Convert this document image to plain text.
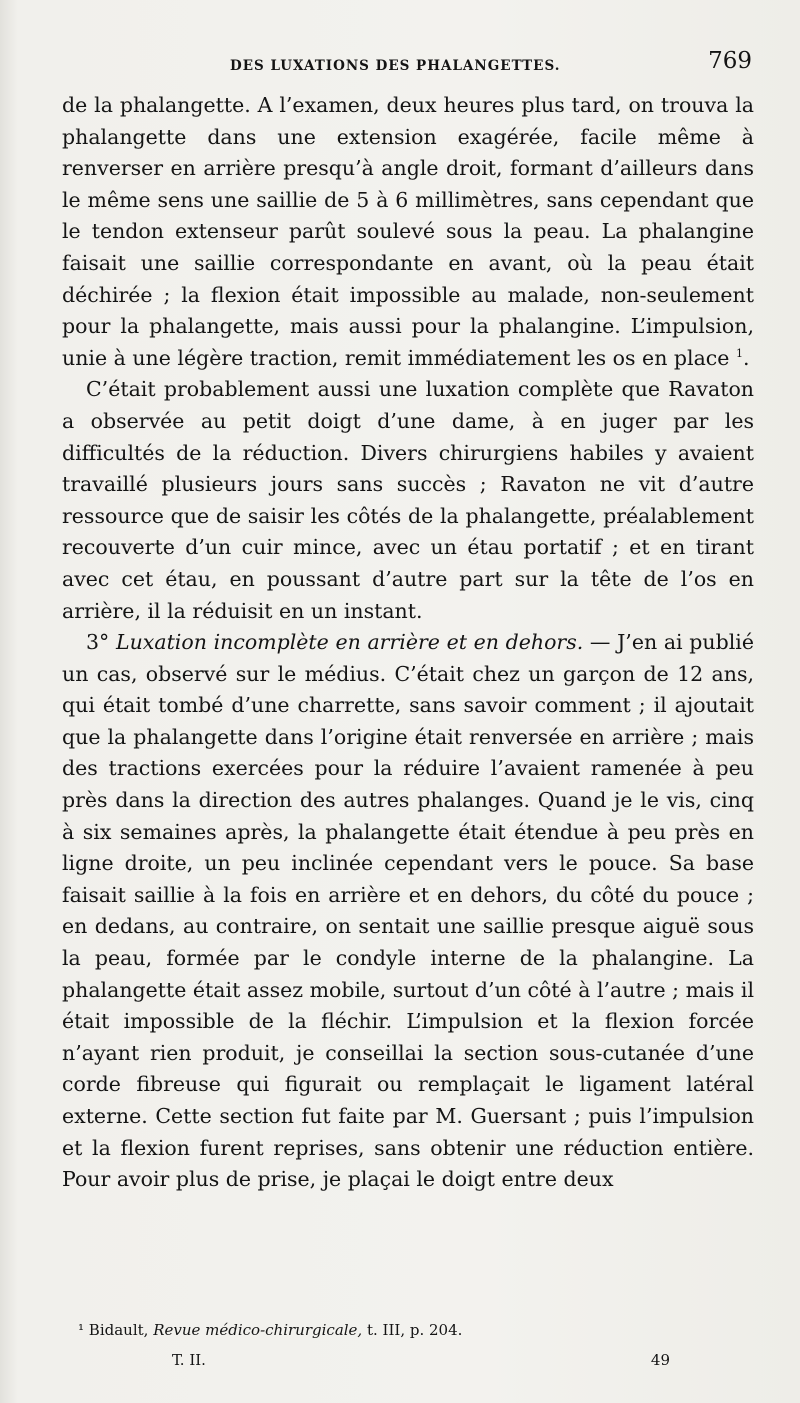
DES LUXATIONS DES PHALANGETTES.	769

de la phalangette. A l’examen, deux heures plus tard, on trouva la phalangette dans une extension exagérée, facile même à renverser en arrière presqu’à angle droit, formant d’ailleurs dans le même sens une saillie de 5 à 6 millimètres, sans cependant que le tendon extenseur parût soulevé sous la peau. La phalangine faisait une saillie correspondante en avant, où la peau était déchirée ; la flexion était impossible au malade, non-seulement pour la phalangette, mais aussi pour la phalangine. L’impulsion, unie à une légère traction, remit immédiatement les os en place $^1$.

C’était probablement aussi une luxation complète que Ravaton a observée au petit doigt d’une dame, à en juger par les difficultés de la réduction. Divers chirurgiens habiles y avaient travaillé plusieurs jours sans succès ; Ravaton ne vit d’autre ressource que de saisir les côtés de la phalangette, préalablement recouverte d’un cuir mince, avec un étau portatif ; et en tirant avec cet étau, en poussant d’autre part sur la tête de l’os en arrière, il la réduisit en un instant.

3° Luxation incomplète en arrière et en dehors. — J’en ai publié un cas, observé sur le médius. C’était chez un garçon de 12 ans, qui était tombé d’une charrette, sans savoir comment ; il ajoutait que la phalangette dans l’origine était renversée en arrière ; mais des tractions exercées pour la réduire l’avaient ramenée à peu près dans la direction des autres phalanges. Quand je le vis, cinq à six semaines après, la phalangette était étendue à peu près en ligne droite, un peu inclinée cependant vers le pouce. Sa base faisait saillie à la fois en arrière et en dehors, du côté du pouce ; en dedans, au contraire, on sentait une saillie presque aiguë sous la peau, formée par le condyle interne de la phalangine. La phalangette était assez mobile, surtout d’un côté à l’autre ; mais il était impossible de la fléchir. L’impulsion et la flexion forcée n’ayant rien produit, je conseillai la section sous-cutanée d’une corde fibreuse qui figurait ou remplaçait le ligament latéral externe. Cette section fut faite par M. Guersant ; puis l’impulsion et la flexion furent reprises, sans obtenir une réduction entière. Pour avoir plus de prise, je plaçai le doigt entre deux

¹ Bidault, Revue médico-chirurgicale, t. III, p. 204.
T. II.	49
